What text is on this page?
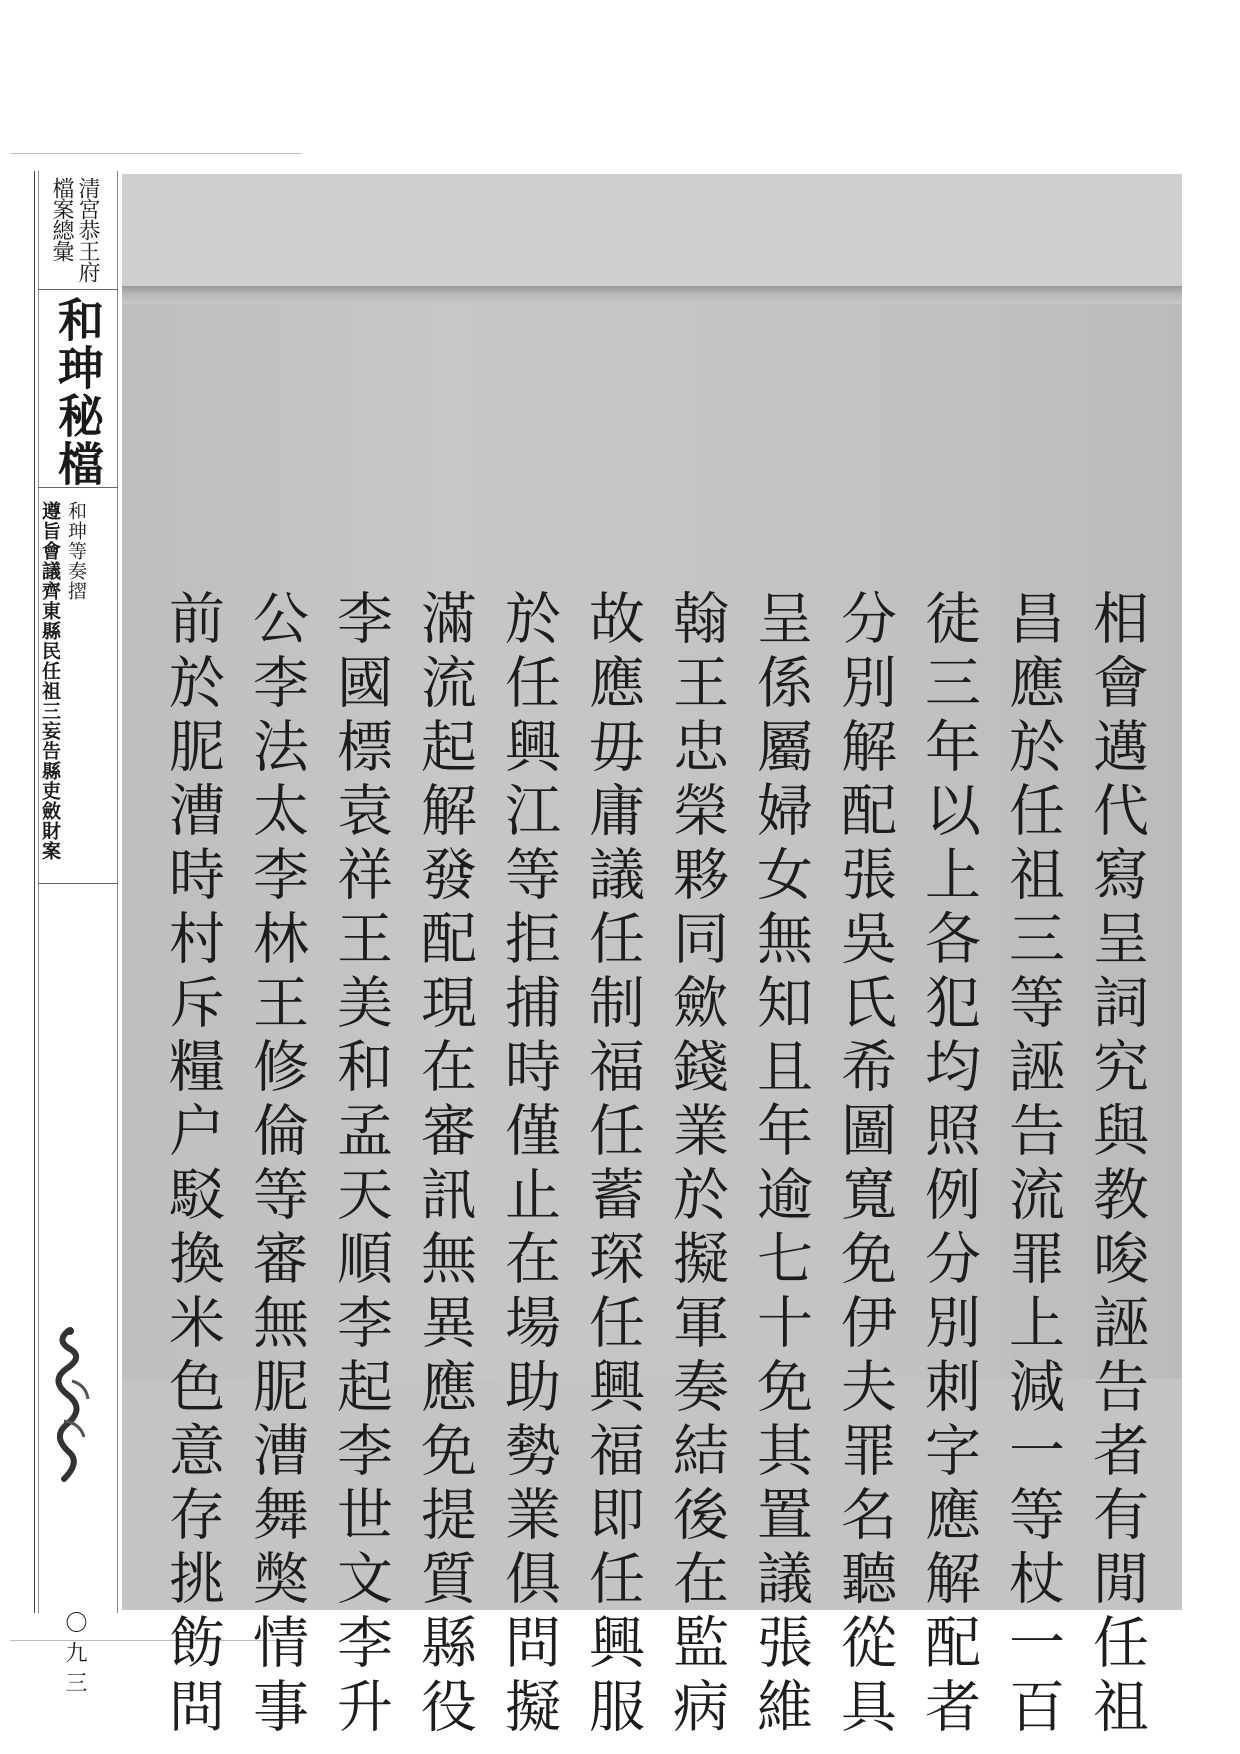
清宮恭王府
檔案總彙
和珅秘檔
和珅等奏摺
遵旨會議齊東縣民任祖三妄告縣吏斂財案
〇九三	相會邁代寫呈詞究與教唆誣告者有閒任祖
昌應於任祖三等誣告流罪上減一等杖一百
徒三年以上各犯均照例分別刺字應解配者
分別解配張吳氏希圖寬免伊夫罪名聽從具
呈係屬婦女無知且年逾七十免其置議張維
翰王忠榮夥同歛錢業於擬軍奏結後在監病
故應毋庸議任制福任蓄琛任興福即任興服
於任興江等拒捕時僅止在場助勢業俱問擬
滿流起解發配現在審訊無異應免提質縣役
李國標袁祥王美和孟天順李起李世文李升
公李法太李林王修倫等審無胒漕舞獘情事
前於胒漕時村斥糧户駁換米色意存挑飭問
